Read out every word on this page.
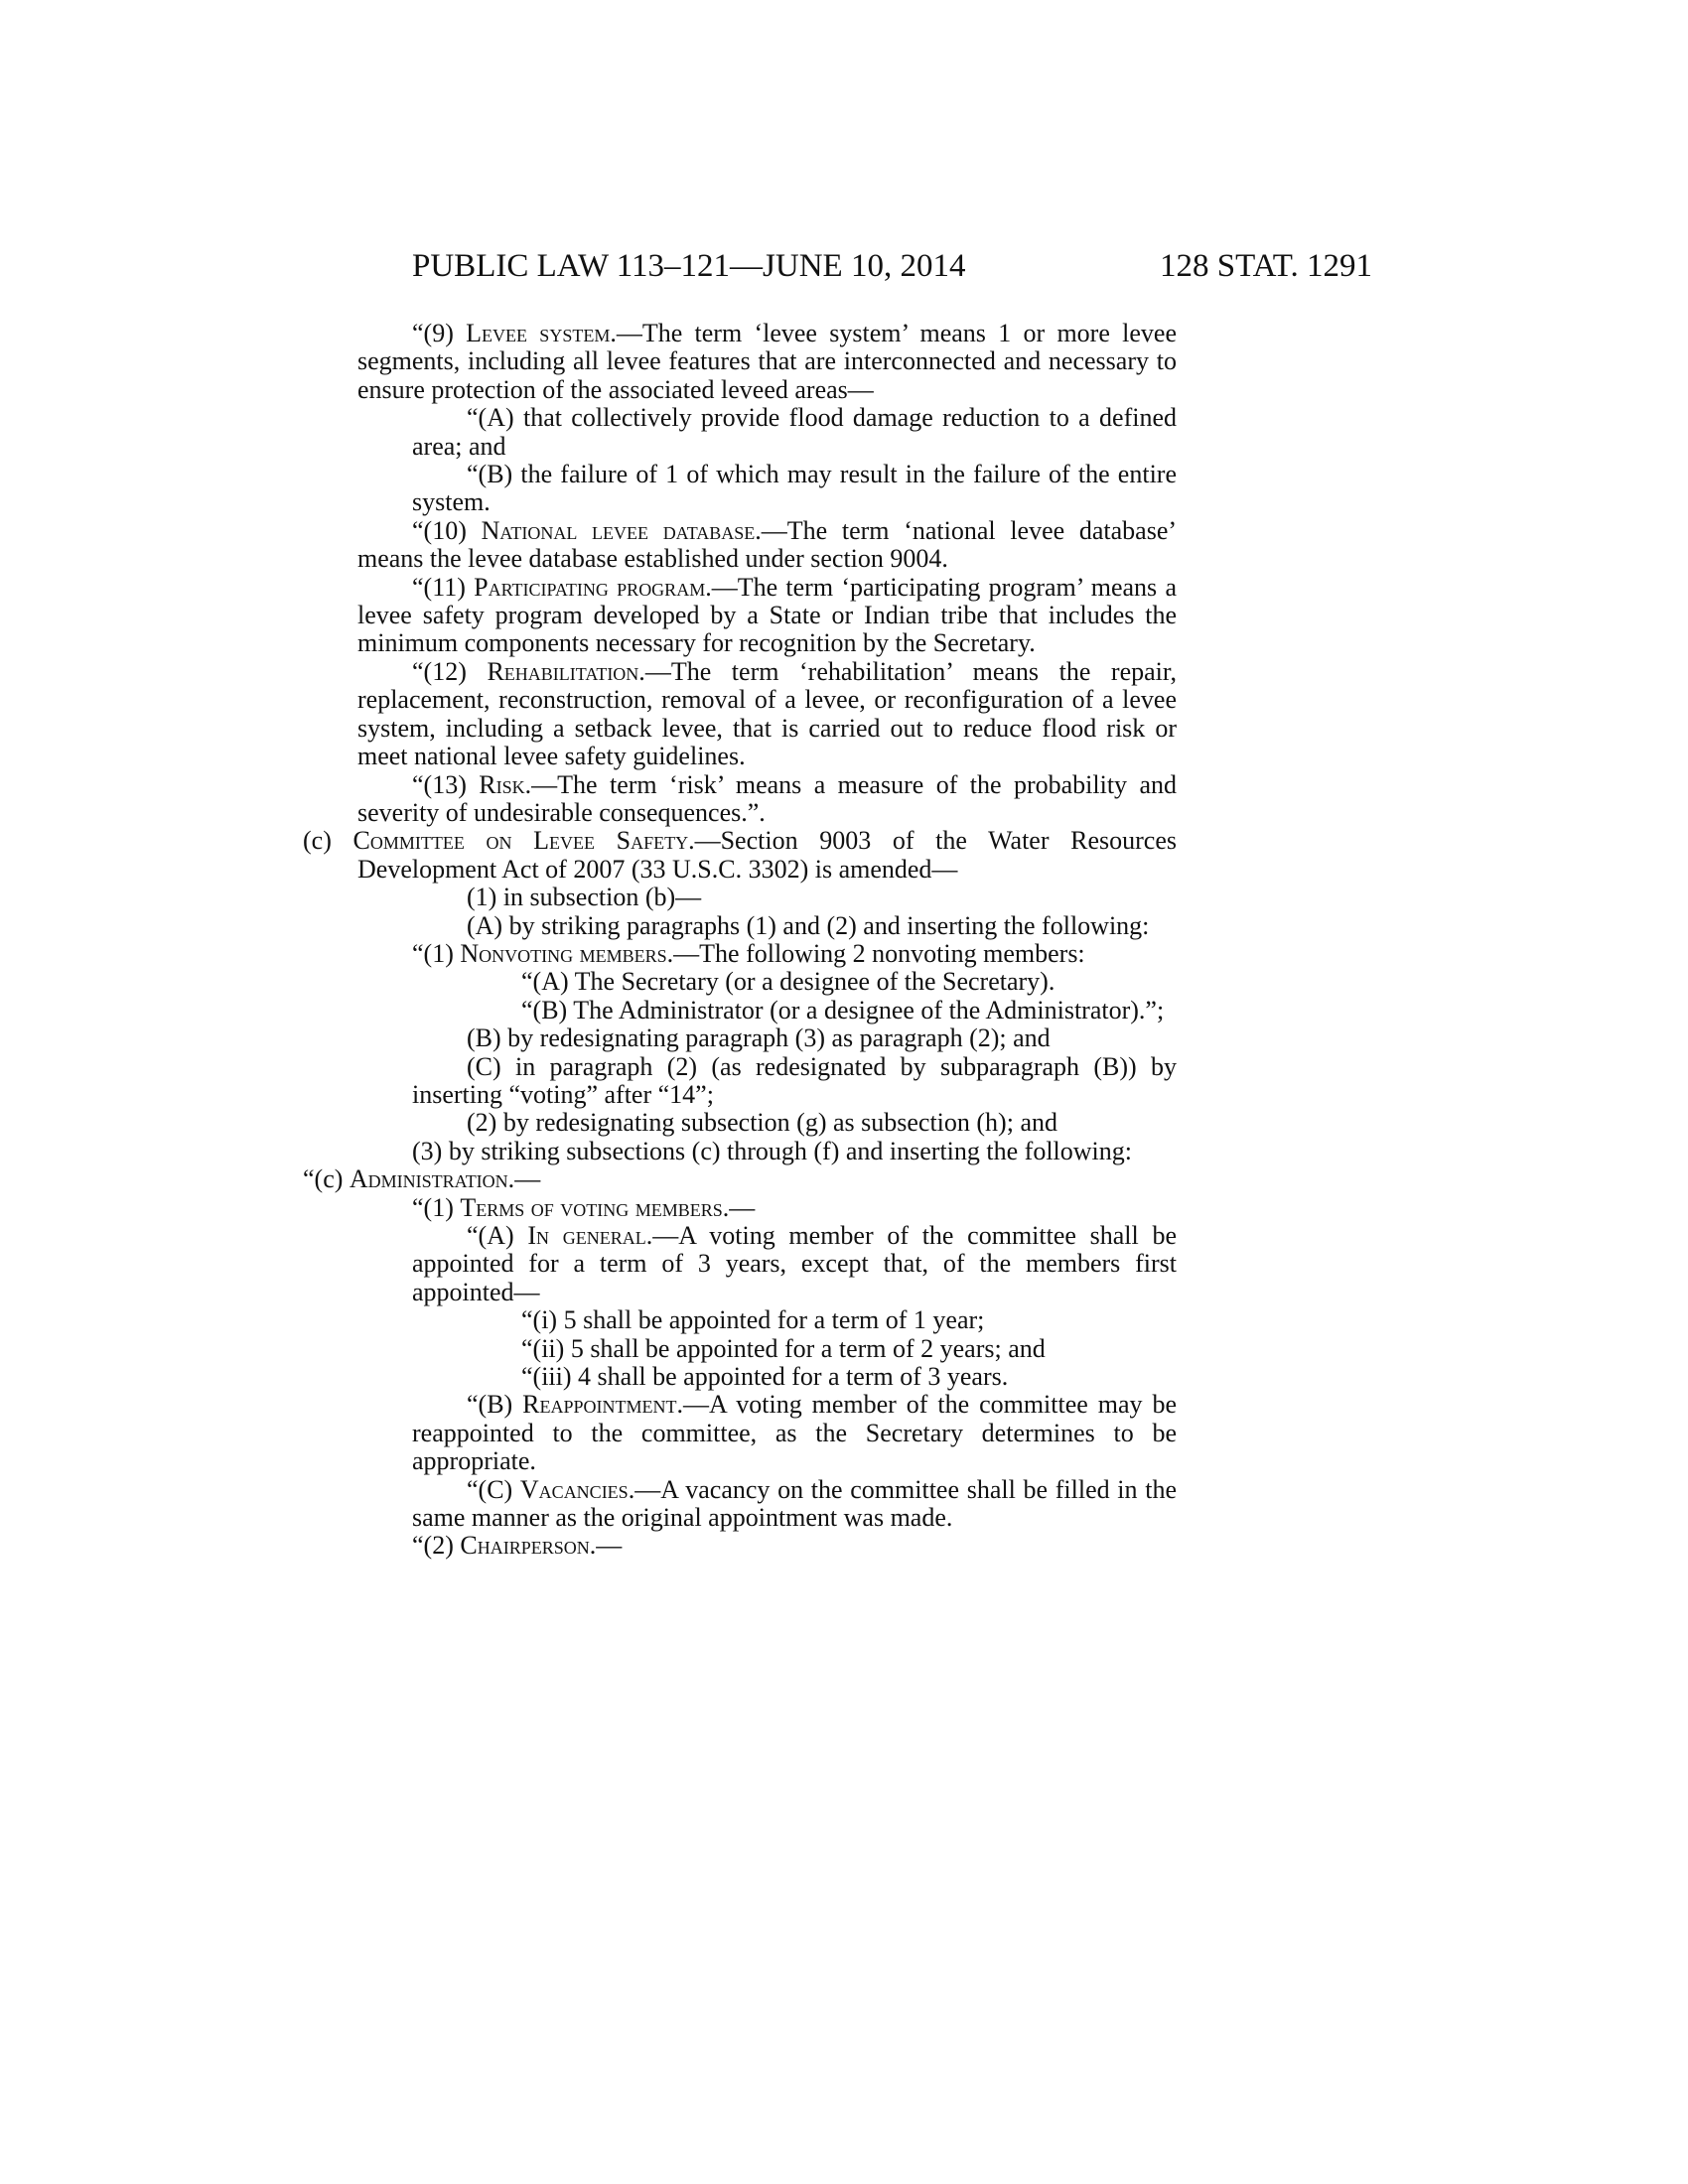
PUBLIC LAW 113–121—JUNE 10, 2014	128 STAT. 1291

“(9) Levee system.—The term ‘levee system’ means 1 or more levee segments, including all levee features that are interconnected and necessary to ensure protection of the associated leveed areas—

“(A) that collectively provide flood damage reduction to a defined area; and

“(B) the failure of 1 of which may result in the failure of the entire system.

“(10) National levee database.—The term ‘national levee database’ means the levee database established under section 9004.

“(11) Participating program.—The term ‘participating program’ means a levee safety program developed by a State or Indian tribe that includes the minimum components necessary for recognition by the Secretary.

“(12) Rehabilitation.—The term ‘rehabilitation’ means the repair, replacement, reconstruction, removal of a levee, or reconfiguration of a levee system, including a setback levee, that is carried out to reduce flood risk or meet national levee safety guidelines.

“(13) Risk.—The term ‘risk’ means a measure of the probability and severity of undesirable consequences.”.

(c) Committee on Levee Safety.—Section 9003 of the Water Resources Development Act of 2007 (33 U.S.C. 3302) is amended—

(1) in subsection (b)—

(A) by striking paragraphs (1) and (2) and inserting the following:

“(1) Nonvoting members.—The following 2 nonvoting members:

“(A) The Secretary (or a designee of the Secretary).

“(B) The Administrator (or a designee of the Administrator).”;

(B) by redesignating paragraph (3) as paragraph (2); and

(C) in paragraph (2) (as redesignated by subparagraph (B)) by inserting “voting” after “14”;

(2) by redesignating subsection (g) as subsection (h); and

(3) by striking subsections (c) through (f) and inserting the following:

“(c) Administration.—

“(1) Terms of voting members.—

“(A) In general.—A voting member of the committee shall be appointed for a term of 3 years, except that, of the members first appointed—

“(i) 5 shall be appointed for a term of 1 year;

“(ii) 5 shall be appointed for a term of 2 years; and

“(iii) 4 shall be appointed for a term of 3 years.

“(B) Reappointment.—A voting member of the committee may be reappointed to the committee, as the Secretary determines to be appropriate.

“(C) Vacancies.—A vacancy on the committee shall be filled in the same manner as the original appointment was made.

“(2) Chairperson.—
